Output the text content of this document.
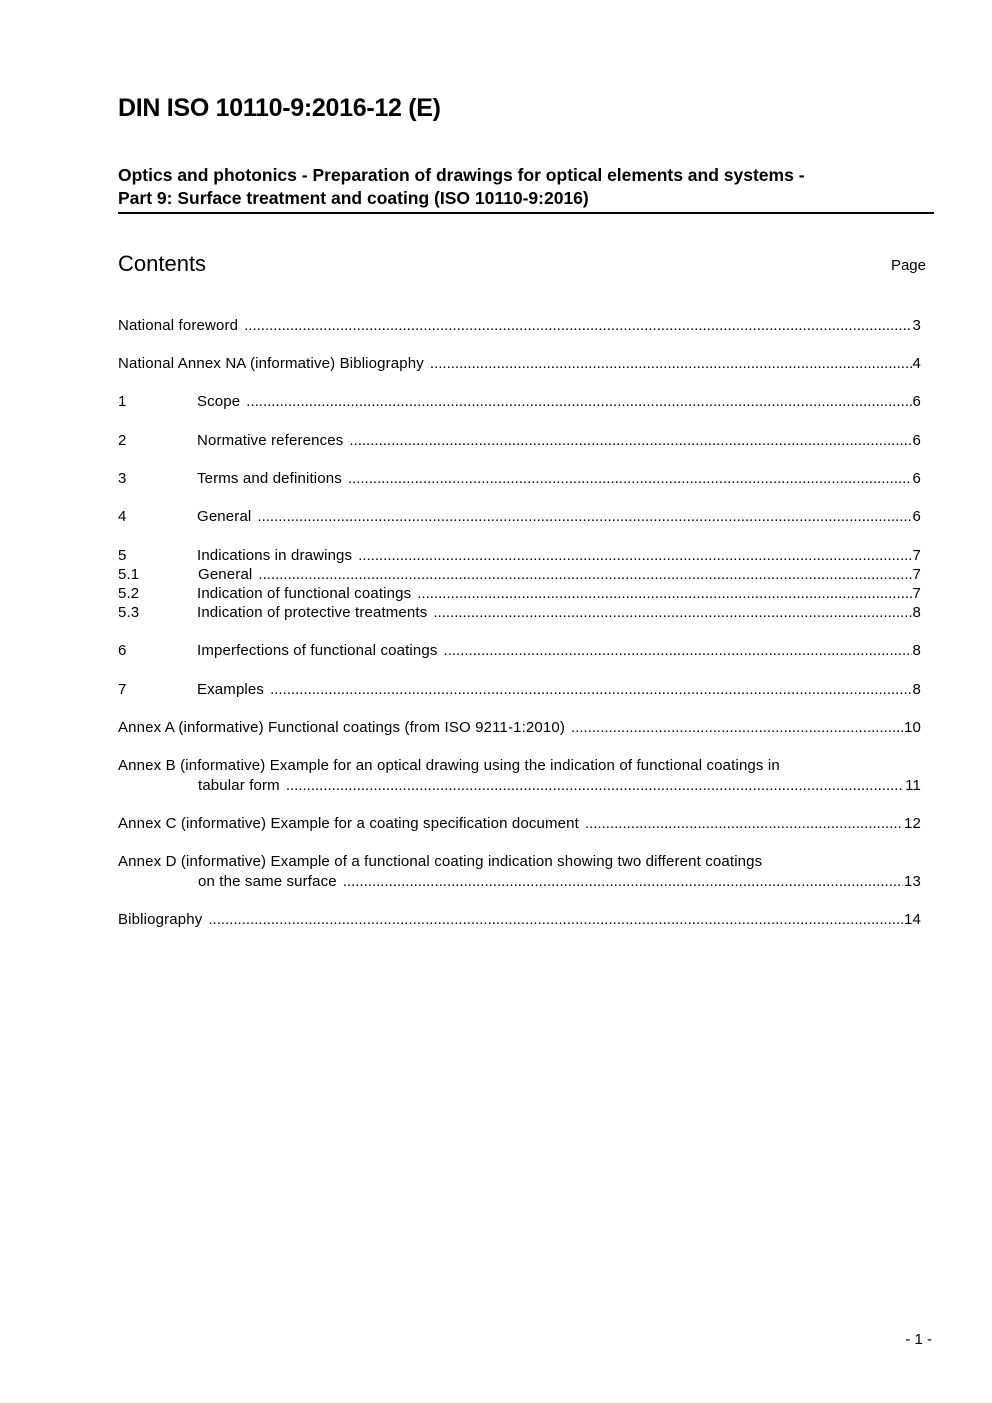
DIN ISO 10110-9:2016-12 (E)
Optics and photonics - Preparation of drawings for optical elements and systems -
Part 9: Surface treatment and coating (ISO 10110-9:2016)
Contents	Page
National foreword .....	3
National Annex NA (informative) Bibliography .....	4
1	Scope .....	6
2	Normative references .....	6
3	Terms and definitions .....	6
4	General .....	6
5	Indications in drawings .....	7
5.1	General .....	7
5.2	Indication of functional coatings .....	7
5.3	Indication of protective treatments .....	8
6	Imperfections of functional coatings .....	8
7	Examples .....	8
Annex A (informative) Functional coatings (from ISO 9211-1:2010) .....	10
Annex B (informative) Example for an optical drawing using the indication of functional coatings in
tabular form .....	11
Annex C (informative) Example for a coating specification document .....	12
Annex D (informative) Example of a functional coating indication showing two different coatings
on the same surface .....	13
Bibliography .....	14
- 1 -
